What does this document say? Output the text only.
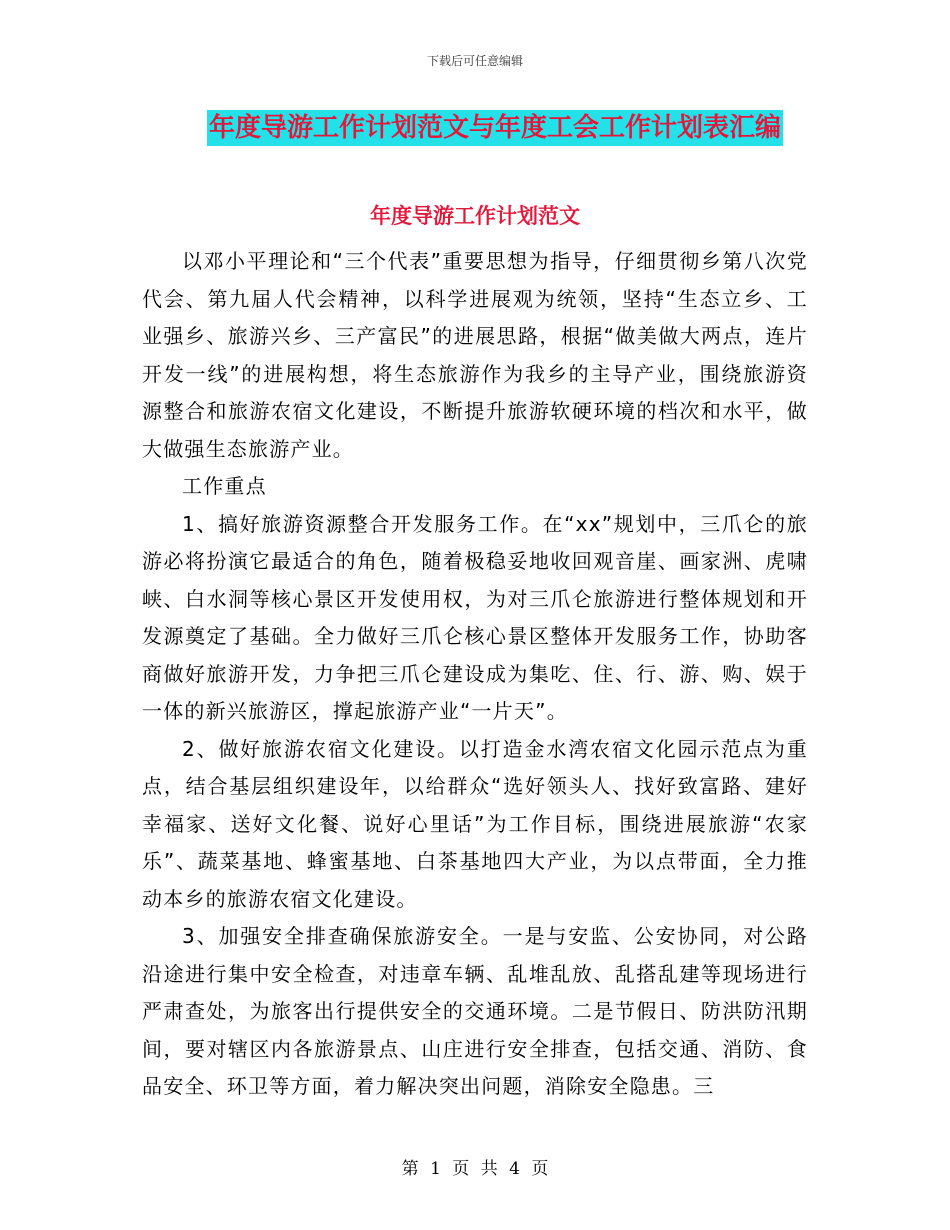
下载后可任意编辑
年度导游工作计划范文与年度工会工作计划表汇编
年度导游工作计划范文

以邓小平理论和“三个代表”重要思想为指导，仔细贯彻乡第八次党代会、第九届人代会精神，以科学进展观为统领，坚持“生态立乡、工业强乡、旅游兴乡、三产富民”的进展思路，根据“做美做大两点，连片开发一线”的进展构想，将生态旅游作为我乡的主导产业，围绕旅游资源整合和旅游农宿文化建设，不断提升旅游软硬环境的档次和水平，做大做强生态旅游产业。

工作重点

1、搞好旅游资源整合开发服务工作。在“xx”规划中，三爪仑的旅游必将扮演它最适合的角色，随着极稳妥地收回观音崖、画家洲、虎啸峡、白水洞等核心景区开发使用权，为对三爪仑旅游进行整体规划和开发源奠定了基础。全力做好三爪仑核心景区整体开发服务工作，协助客商做好旅游开发，力争把三爪仑建设成为集吃、住、行、游、购、娱于一体的新兴旅游区，撑起旅游产业“一片天”。

2、做好旅游农宿文化建设。以打造金水湾农宿文化园示范点为重点，结合基层组织建设年，以给群众“选好领头人、找好致富路、建好幸福家、送好文化餐、说好心里话”为工作目标，围绕进展旅游“农家乐”、蔬菜基地、蜂蜜基地、白茶基地四大产业，为以点带面，全力推动本乡的旅游农宿文化建设。

3、加强安全排查确保旅游安全。一是与安监、公安协同，对公路沿途进行集中安全检查，对违章车辆、乱堆乱放、乱搭乱建等现场进行严肃查处，为旅客出行提供安全的交通环境。二是节假日、防洪防汛期间，要对辖区内各旅游景点、山庄进行安全排查，包括交通、消防、食品安全、环卫等方面，着力解决突出问题，消除安全隐患。三

第 1 页 共 4 页
